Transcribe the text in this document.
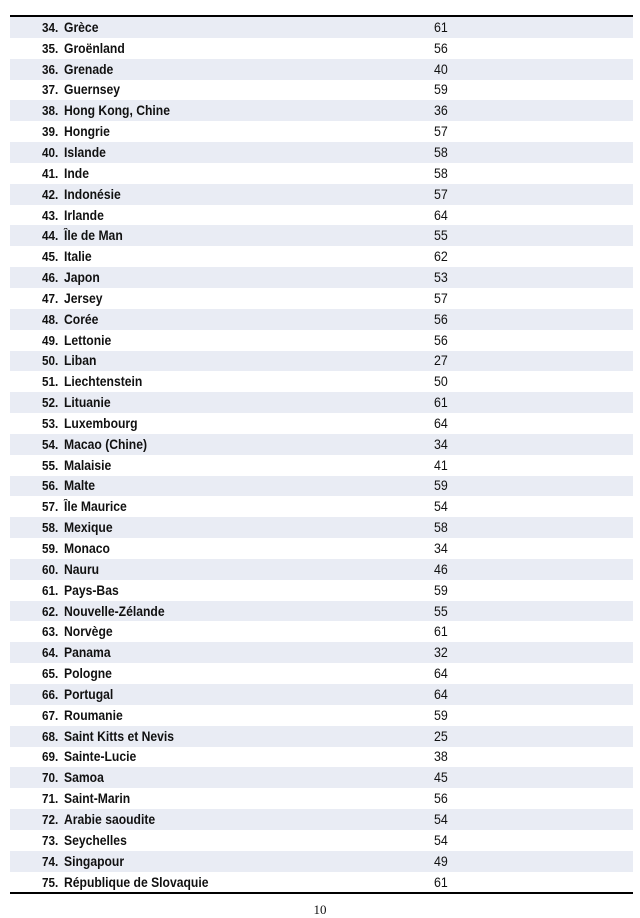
34. Grèce	61
35. Groënland	56
36. Grenade	40
37. Guernsey	59
38. Hong Kong, Chine	36
39. Hongrie	57
40. Islande	58
41. Inde	58
42. Indonésie	57
43. Irlande	64
44. Île de Man	55
45. Italie	62
46. Japon	53
47. Jersey	57
48. Corée	56
49. Lettonie	56
50. Liban	27
51. Liechtenstein	50
52. Lituanie	61
53. Luxembourg	64
54. Macao (Chine)	34
55. Malaisie	41
56. Malte	59
57. Île Maurice	54
58. Mexique	58
59. Monaco	34
60. Nauru	46
61. Pays-Bas	59
62. Nouvelle-Zélande	55
63. Norvège	61
64. Panama	32
65. Pologne	64
66. Portugal	64
67. Roumanie	59
68. Saint Kitts et Nevis	25
69. Sainte-Lucie	38
70. Samoa	45
71. Saint-Marin	56
72. Arabie saoudite	54
73. Seychelles	54
74. Singapour	49
75. République de Slovaquie	61
10
